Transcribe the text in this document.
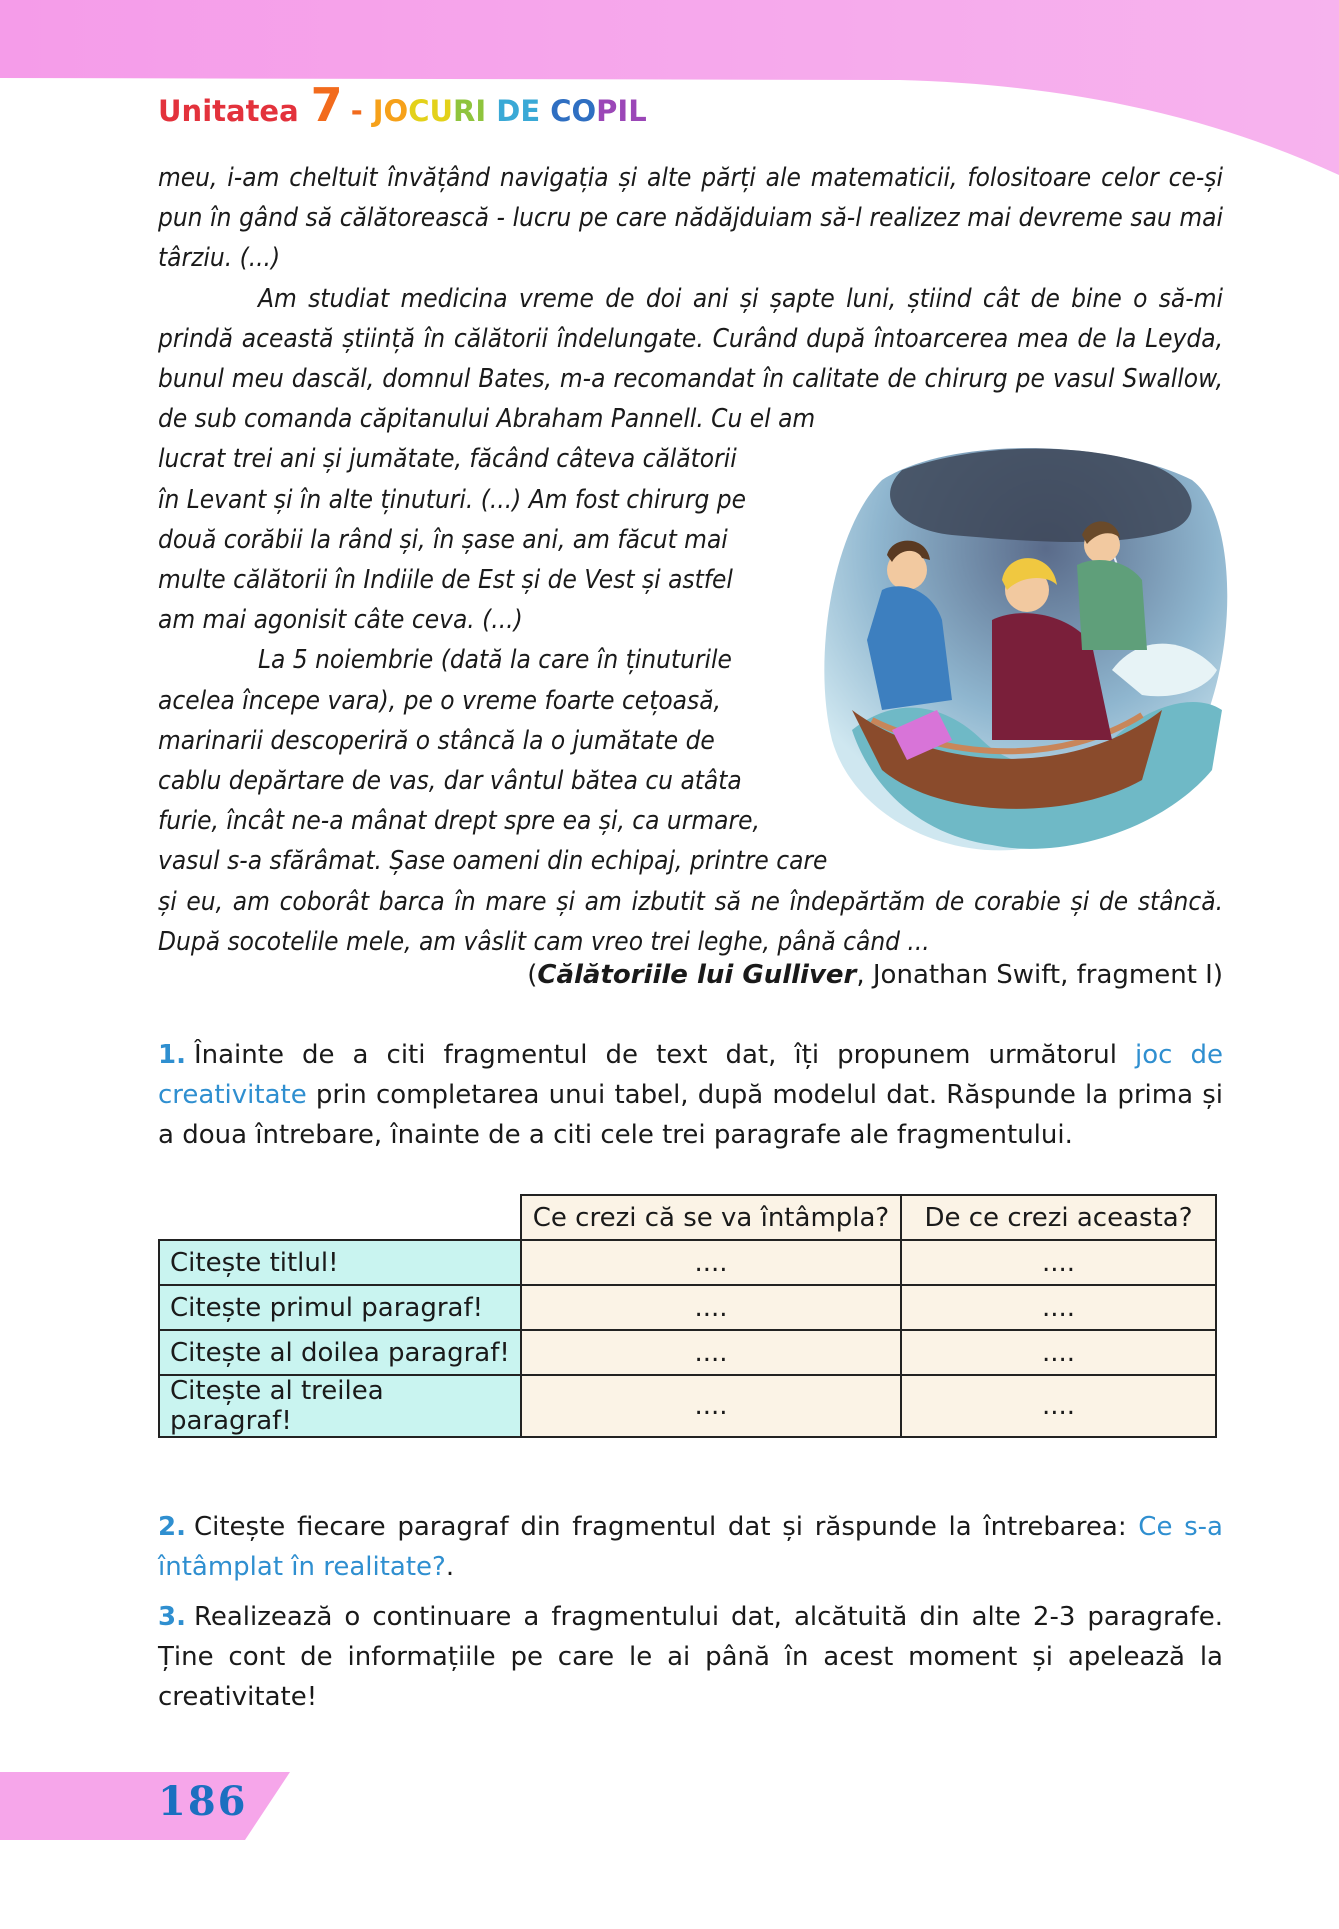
Unitatea 7 - JOCURI DE COPIL

meu, i-am cheltuit învățând navigația și alte părți ale matematicii, folositoare celor ce-și pun în gând să călătorească - lucru pe care nădăjduiam să-l realizez mai devreme sau mai târziu. (...)

Am studiat medicina vreme de doi ani și șapte luni, știind cât de bine o să-mi prindă această știință în călătorii îndelungate. Curând după întoarcerea mea de la Leyda, bunul meu dascăl, domnul Bates, m-a recomandat în calitate de chirurg pe vasul Swallow, de sub comanda căpitanului Abraham Pannell. Cu el am

lucrat trei ani și jumătate, făcând câteva călătorii
în Levant și în alte ținuturi. (...) Am fost chirurg pe
două corăbii la rând și, în șase ani, am făcut mai
multe călătorii în Indiile de Est și de Vest și astfel
am mai agonisit câte ceva. (...)
La 5 noiembrie (dată la care în ținuturile
acelea începe vara), pe o vreme foarte cețoasă,
marinarii descoperiră o stâncă la o jumătate de
cablu depărtare de vas, dar vântul bătea cu atâta
furie, încât ne-a mânat drept spre ea și, ca urmare,
vasul s-a sfărâmat. Șase oameni din echipaj, printre care

și eu, am coborât barca în mare și am izbutit să ne îndepărtăm de corabie și de stâncă. După socotelile mele, am vâslit cam vreo trei leghe, până când ...

(Călătoriile lui Gulliver, Jonathan Swift, fragment I)
1. Înainte de a citi fragmentul de text dat, îți propunem următorul joc de creativitate prin completarea unui tabel, după modelul dat. Răspunde la prima și a doua întrebare, înainte de a citi cele trei paragrafe ale fragmentului.
	Ce crezi că se va întâmpla?	De ce crezi aceasta?
Citește titlul!	....	....
Citește primul paragraf!	....	....
Citește al doilea paragraf!	....	....
Citește al treilea paragraf!	....	....
2. Citește fiecare paragraf din fragmentul dat și răspunde la întrebarea: Ce s-a întâmplat în realitate?.
3. Realizează o continuare a fragmentului dat, alcătuită din alte 2-3 paragrafe. Ține cont de informațiile pe care le ai până în acest moment și apelează la creativitate!
186
